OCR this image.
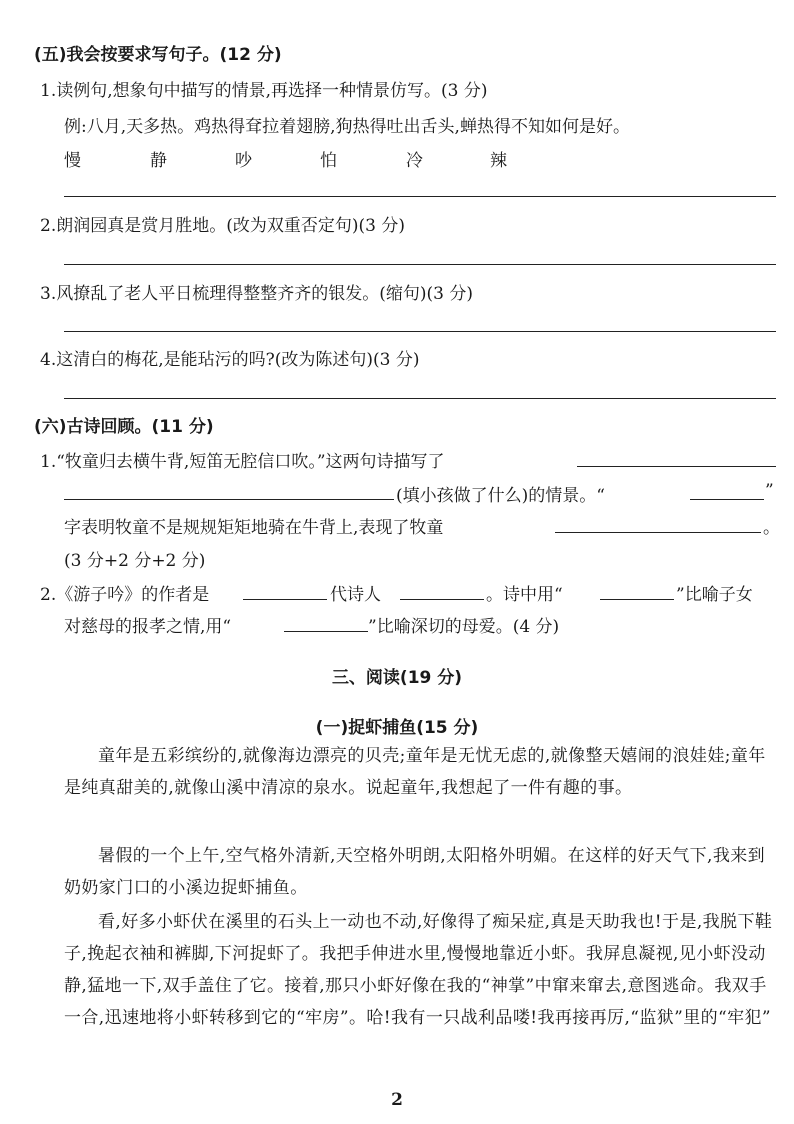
(五)我会按要求写句子。(12 分)
1.读例句,想象句中描写的情景,再选择一种情景仿写。(3 分)
例:八月,天多热。鸡热得耷拉着翅膀,狗热得吐出舌头,蝉热得不知如何是好。
慢	静	吵	怕	冷	辣
2.朗润园真是赏月胜地。(改为双重否定句)(3 分)
3.风撩乱了老人平日梳理得整整齐齐的银发。(缩句)(3 分)
4.这清白的梅花,是能玷污的吗?(改为陈述句)(3 分)
(六)古诗回顾。(11 分)
1.“牧童归去横牛背,短笛无腔信口吹。”这两句诗描写了
(填小孩做了什么)的情景。“	”
字表明牧童不是规规矩矩地骑在牛背上,表现了牧童	。
(3 分+2 分+2 分)
2.《游子吟》的作者是	代诗人	。诗中用“	”比喻子女
对慈母的报孝之情,用“	”比喻深切的母爱。(4 分)
三、阅读(19 分)
(一)捉虾捕鱼(15 分)

童年是五彩缤纷的,就像海边漂亮的贝壳;童年是无忧无虑的,就像整天嬉闹的浪娃娃;童年是纯真甜美的,就像山溪中清凉的泉水。说起童年,我想起了一件有趣的事。

暑假的一个上午,空气格外清新,天空格外明朗,太阳格外明媚。在这样的好天气下,我来到奶奶家门口的小溪边捉虾捕鱼。

看,好多小虾伏在溪里的石头上一动也不动,好像得了痴呆症,真是天助我也!于是,我脱下鞋子,挽起衣袖和裤脚,下河捉虾了。我把手伸进水里,慢慢地靠近小虾。我屏息凝视,见小虾没动静,猛地一下,双手盖住了它。接着,那只小虾好像在我的“神掌”中窜来窜去,意图逃命。我双手一合,迅速地将小虾转移到它的“牢房”。哈!我有一只战利品喽!我再接再厉,“监狱”里的“牢犯”

2
